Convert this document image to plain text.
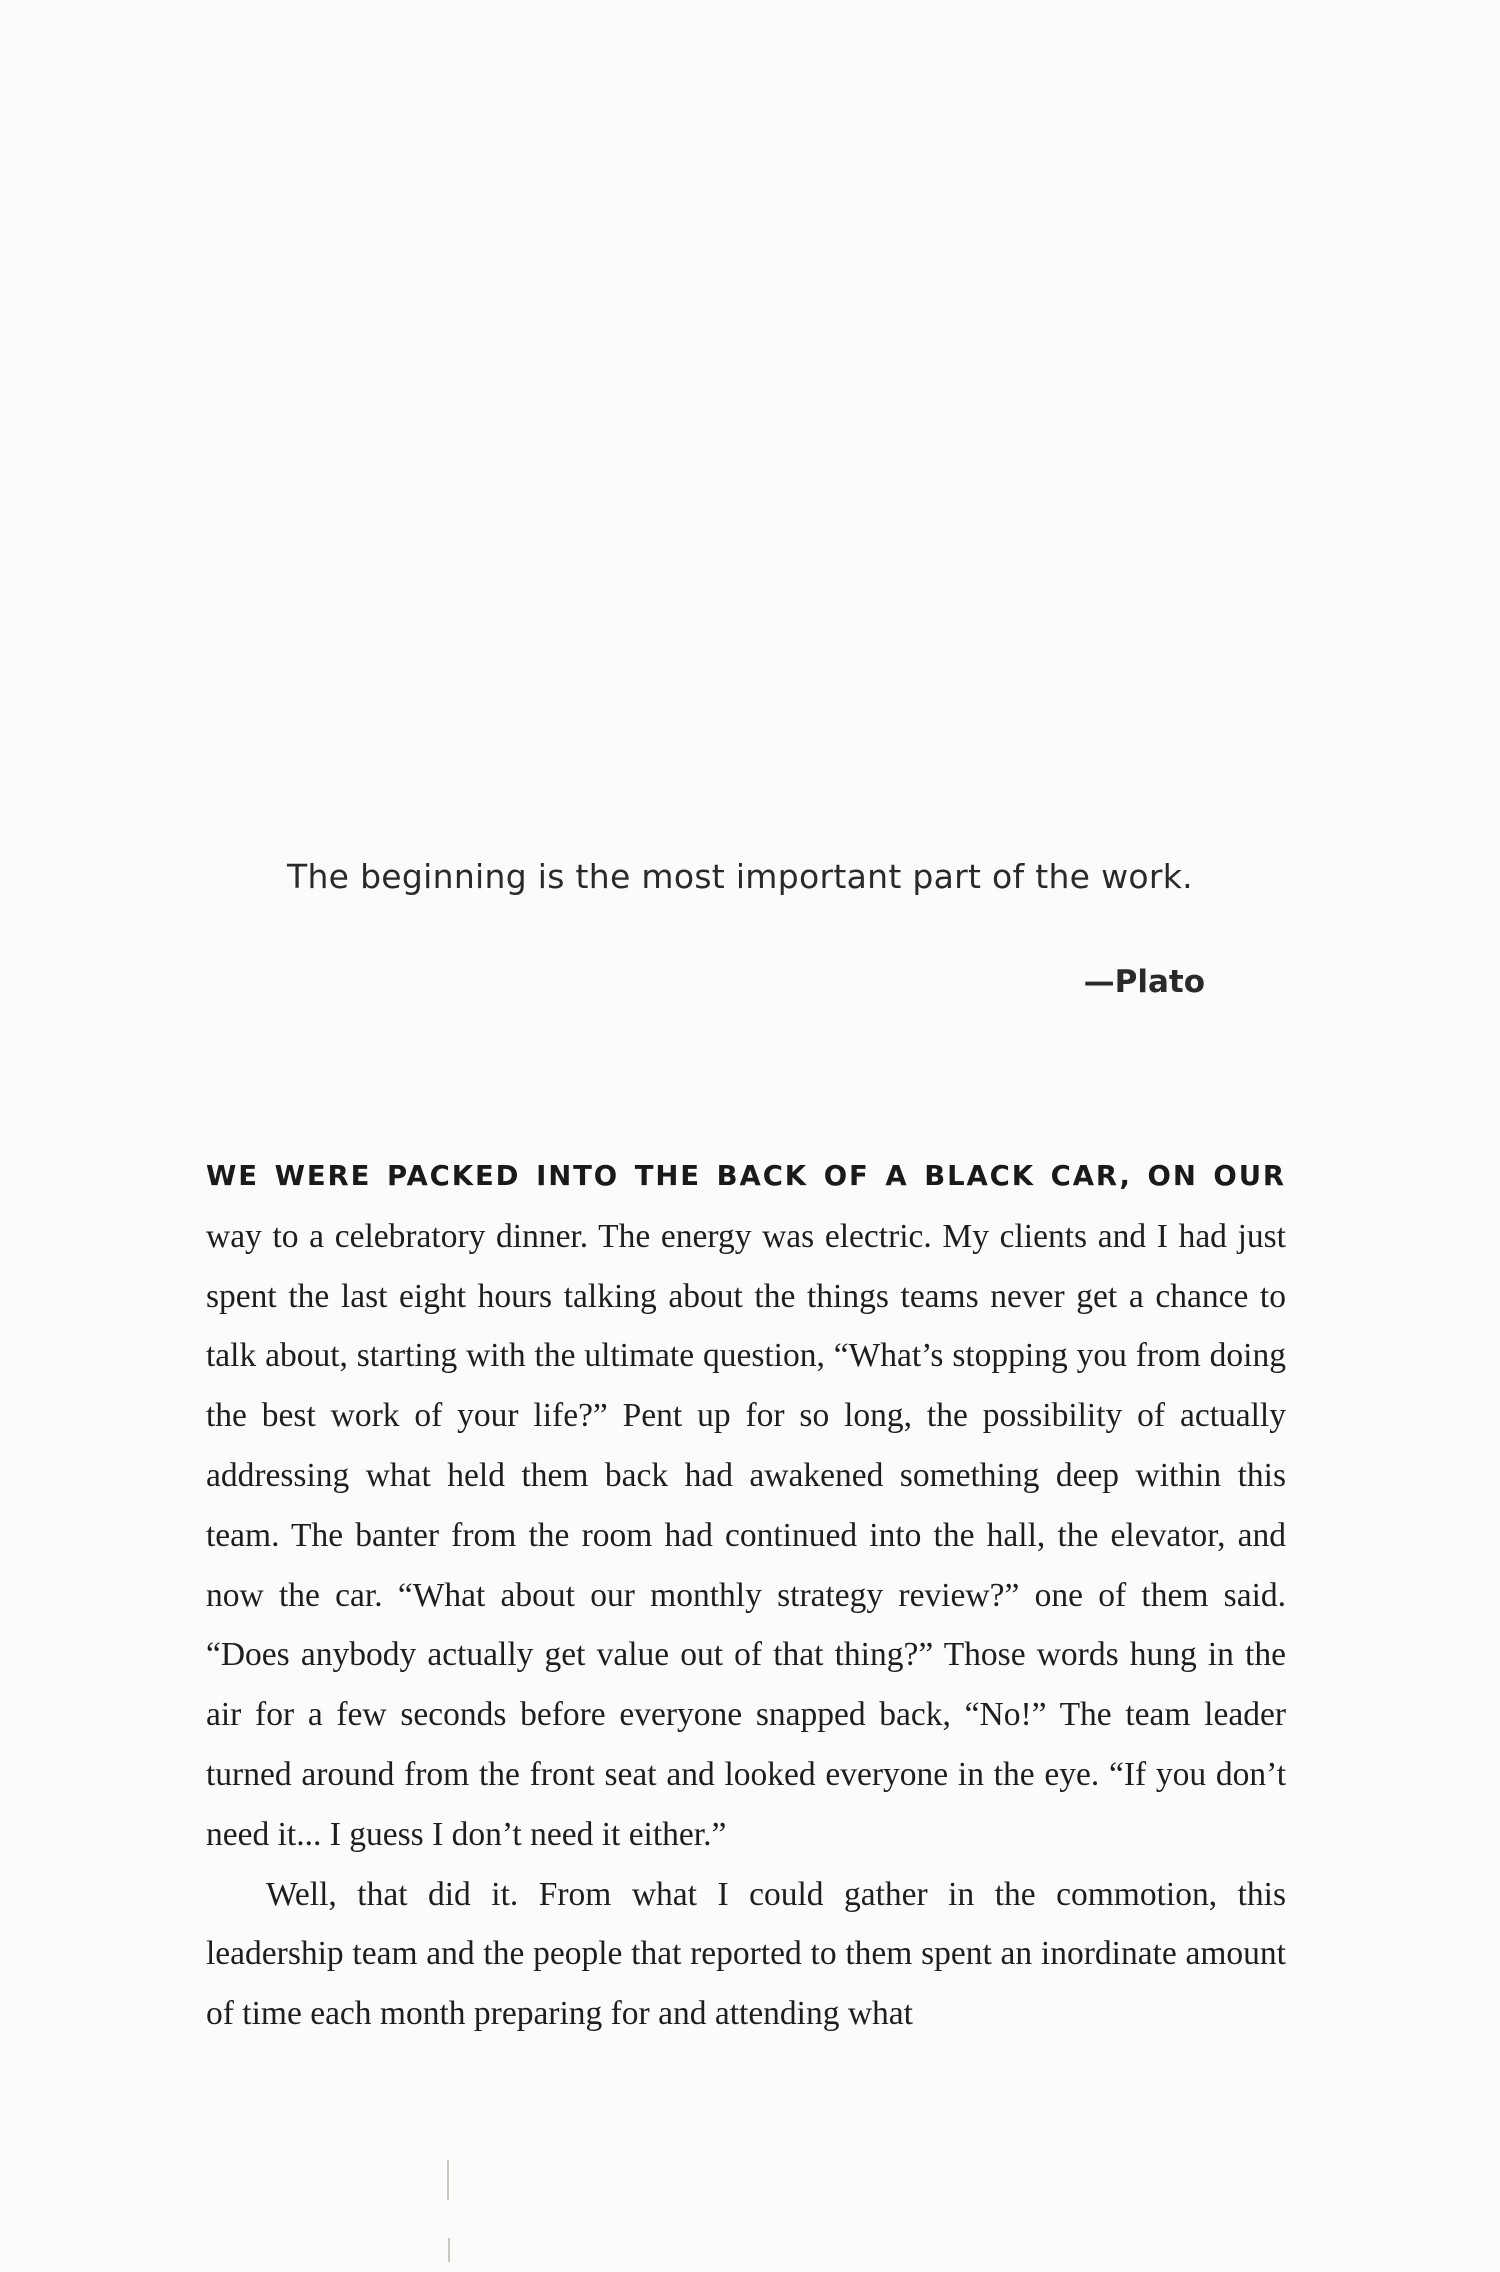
The beginning is the most important part of the work.

—Plato

WE WERE PACKED INTO THE BACK OF A BLACK CAR, ON OUR way to a celebratory dinner. The energy was electric. My clients and I had just spent the last eight hours talking about the things teams never get a chance to talk about, starting with the ultimate question, “What’s stopping you from doing the best work of your life?” Pent up for so long, the possibility of actually addressing what held them back had awakened something deep within this team. The banter from the room had continued into the hall, the elevator, and now the car. “What about our monthly strategy review?” one of them said. “Does anybody actually get value out of that thing?” Those words hung in the air for a few seconds before everyone snapped back, “No!” The team leader turned around from the front seat and looked everyone in the eye. “If you don’t need it... I guess I don’t need it either.”

Well, that did it. From what I could gather in the commotion, this leadership team and the people that reported to them spent an inordinate amount of time each month preparing for and attending what
